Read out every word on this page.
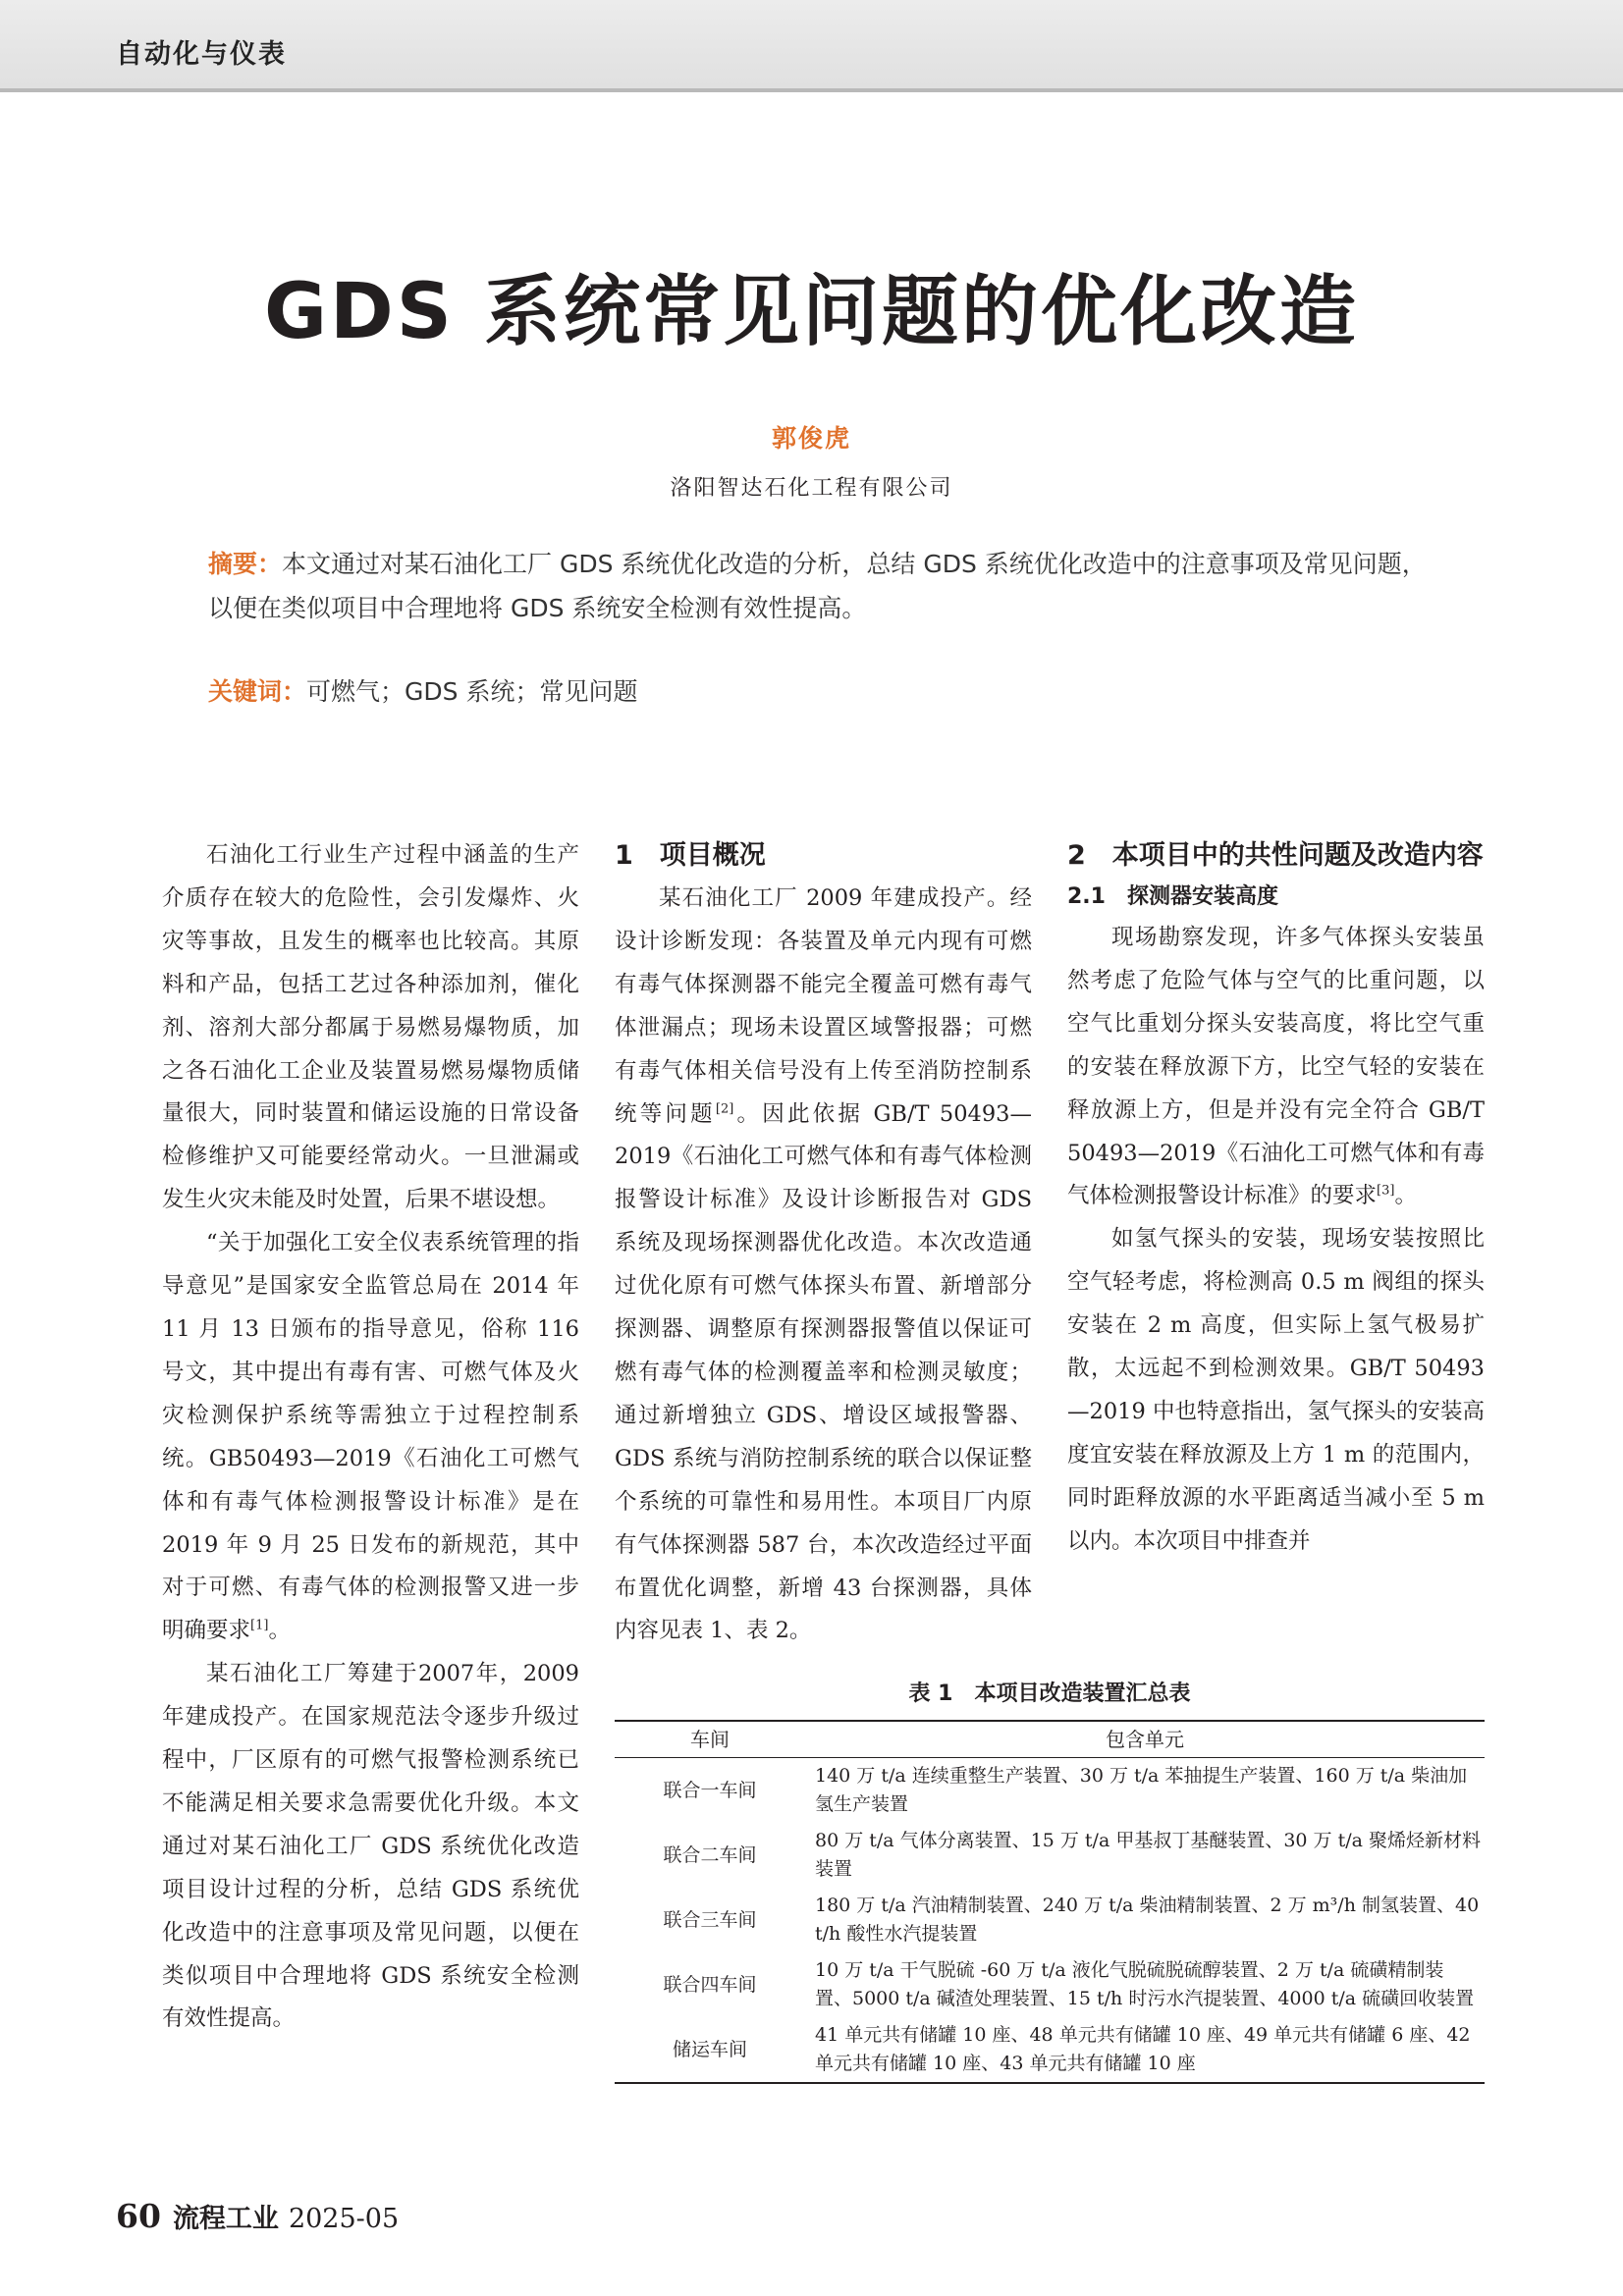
自动化与仪表
GDS 系统常见问题的优化改造
郭俊虎
洛阳智达石化工程有限公司
摘要：本文通过对某石油化工厂 GDS 系统优化改造的分析，总结 GDS 系统优化改造中的注意事项及常见问题，以便在类似项目中合理地将 GDS 系统安全检测有效性提高。
关键词：可燃气；GDS 系统；常见问题

石油化工行业生产过程中涵盖的生产介质存在较大的危险性，会引发爆炸、火灾等事故，且发生的概率也比较高。其原料和产品，包括工艺过各种添加剂，催化剂、溶剂大部分都属于易燃易爆物质，加之各石油化工企业及装置易燃易爆物质储量很大，同时装置和储运设施的日常设备检修维护又可能要经常动火。一旦泄漏或发生火灾未能及时处置，后果不堪设想。

“关于加强化工安全仪表系统管理的指导意见”是国家安全监管总局在 2014 年 11 月 13 日颁布的指导意见，俗称 116 号文，其中提出有毒有害、可燃气体及火灾检测保护系统等需独立于过程控制系统。GB50493—2019《石油化工可燃气体和有毒气体检测报警设计标准》是在 2019 年 9 月 25 日发布的新规范，其中对于可燃、有毒气体的检测报警又进一步明确要求[1]。

某石油化工厂筹建于2007年，2009 年建成投产。在国家规范法令逐步升级过程中，厂区原有的可燃气报警检测系统已不能满足相关要求急需要优化升级。本文通过对某石油化工厂 GDS 系统优化改造项目设计过程的分析，总结 GDS 系统优化改造中的注意事项及常见问题，以便在类似项目中合理地将 GDS 系统安全检测有效性提高。

1　项目概况

某石油化工厂 2009 年建成投产。经设计诊断发现：各装置及单元内现有可燃有毒气体探测器不能完全覆盖可燃有毒气体泄漏点；现场未设置区域警报器；可燃有毒气体相关信号没有上传至消防控制系统等问题[2]。因此依据 GB/T 50493—2019《石油化工可燃气体和有毒气体检测报警设计标准》及设计诊断报告对 GDS 系统及现场探测器优化改造。本次改造通过优化原有可燃气体探头布置、新增部分探测器、调整原有探测器报警值以保证可燃有毒气体的检测覆盖率和检测灵敏度；通过新增独立 GDS、增设区域报警器、GDS 系统与消防控制系统的联合以保证整个系统的可靠性和易用性。本项目厂内原有气体探测器 587 台，本次改造经过平面布置优化调整，新增 43 台探测器，具体内容见表 1、表 2。

2　本项目中的共性问题及改造内容
2.1　探测器安装高度

现场勘察发现，许多气体探头安装虽然考虑了危险气体与空气的比重问题，以空气比重划分探头安装高度，将比空气重的安装在释放源下方，比空气轻的安装在释放源上方，但是并没有完全符合 GB/T 50493—2019《石油化工可燃气体和有毒气体检测报警设计标准》的要求[3]。

如氢气探头的安装，现场安装按照比空气轻考虑，将检测高 0.5 m 阀组的探头安装在 2 m 高度，但实际上氢气极易扩散，太远起不到检测效果。GB/T 50493—2019 中也特意指出，氢气探头的安装高度宜安装在释放源及上方 1 m 的范围内，同时距释放源的水平距离适当减小至 5 m 以内。本次项目中排查并

表 1　本项目改造装置汇总表
车间	包含单元
联合一车间	140 万 t/a 连续重整生产装置、30 万 t/a 苯抽提生产装置、160 万 t/a 柴油加氢生产装置
联合二车间	80 万 t/a 气体分离装置、15 万 t/a 甲基叔丁基醚装置、30 万 t/a 聚烯烃新材料装置
联合三车间	180 万 t/a 汽油精制装置、240 万 t/a 柴油精制装置、2 万 m³/h 制氢装置、40 t/h 酸性水汽提装置
联合四车间	10 万 t/a 干气脱硫 -60 万 t/a 液化气脱硫脱硫醇装置、2 万 t/a 硫磺精制装置、5000 t/a 碱渣处理装置、15 t/h 时污水汽提装置、4000 t/a 硫磺回收装置
储运车间	41 单元共有储罐 10 座、48 单元共有储罐 10 座、49 单元共有储罐 6 座、42 单元共有储罐 10 座、43 单元共有储罐 10 座
60 流程工业 2025-05
